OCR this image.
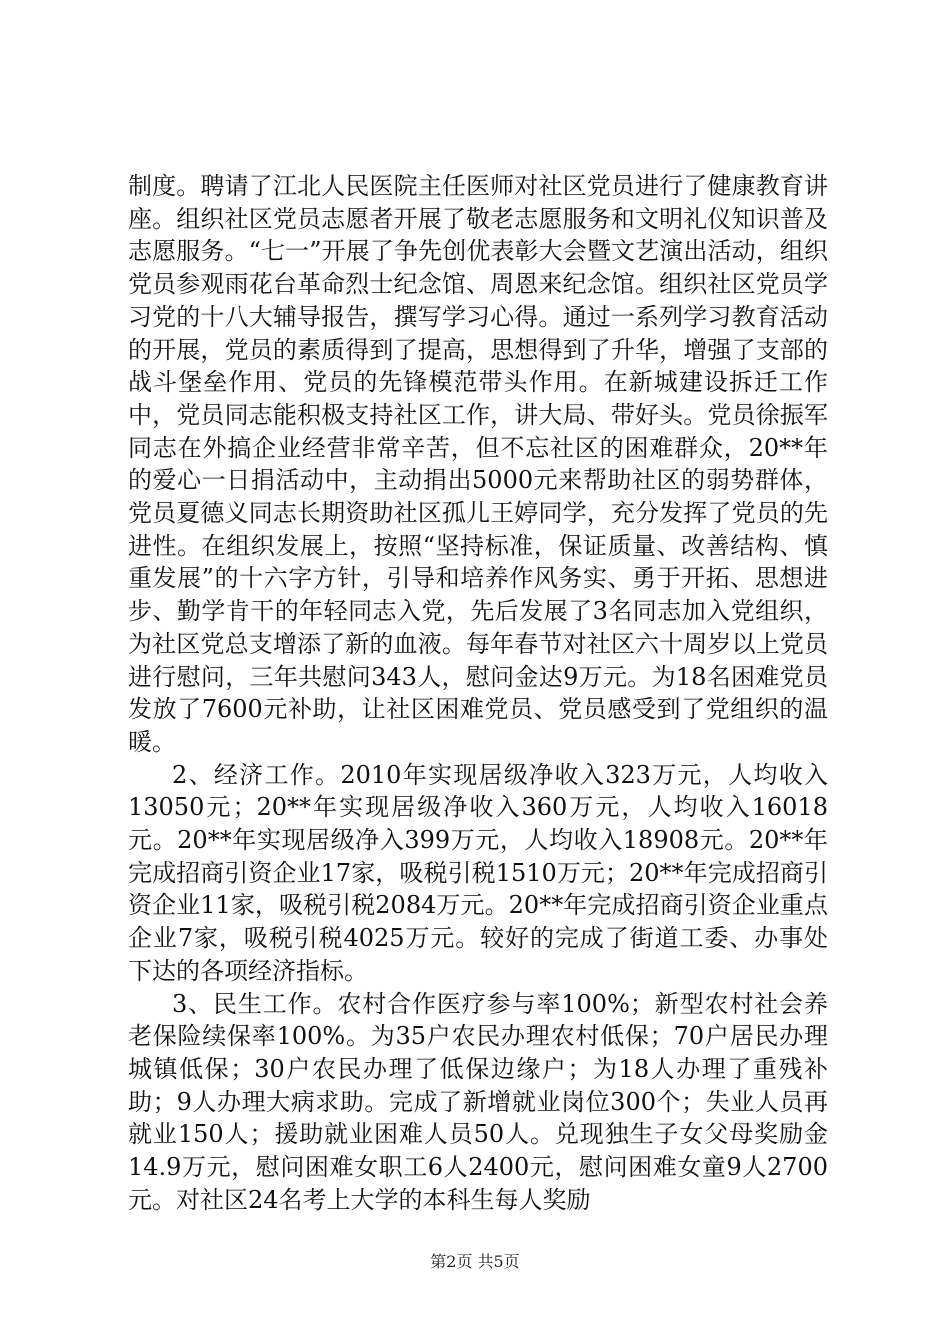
制度。聘请了江北人民医院主任医师对社区党员进行了健康教育讲座。组织社区党员志愿者开展了敬老志愿服务和文明礼仪知识普及志愿服务。“七一”开展了争先创优表彰大会暨文艺演出活动，组织党员参观雨花台革命烈士纪念馆、周恩来纪念馆。组织社区党员学习党的十八大辅导报告，撰写学习心得。通过一系列学习教育活动的开展，党员的素质得到了提高，思想得到了升华，增强了支部的战斗堡垒作用、党员的先锋模范带头作用。在新城建设拆迁工作中，党员同志能积极支持社区工作，讲大局、带好头。党员徐振军同志在外搞企业经营非常辛苦，但不忘社区的困难群众，20**年的爱心一日捐活动中，主动捐出5000元来帮助社区的弱势群体，党员夏德义同志长期资助社区孤儿王婷同学，充分发挥了党员的先进性。在组织发展上，按照“坚持标准，保证质量、改善结构、慎重发展”的十六字方针，引导和培养作风务实、勇于开拓、思想进步、勤学肯干的年轻同志入党，先后发展了3名同志加入党组织，为社区党总支增添了新的血液。每年春节对社区六十周岁以上党员进行慰问，三年共慰问343人，慰问金达9万元。为18名困难党员发放了7600元补助，让社区困难党员、党员感受到了党组织的温暖。

2、经济工作。2010年实现居级净收入323万元，人均收入13050元；20**年实现居级净收入360万元，人均收入16018元。20**年实现居级净入399万元，人均收入18908元。20**年完成招商引资企业17家，吸税引税1510万元；20**年完成招商引资企业11家，吸税引税2084万元。20**年完成招商引资企业重点企业7家，吸税引税4025万元。较好的完成了街道工委、办事处下达的各项经济指标。

3、民生工作。农村合作医疗参与率100%；新型农村社会养老保险续保率100%。为35户农民办理农村低保；70户居民办理城镇低保；30户农民办理了低保边缘户；为18人办理了重残补助；9人办理大病求助。完成了新增就业岗位300个；失业人员再就业150人；援助就业困难人员50人。兑现独生子女父母奖励金14.9万元，慰问困难女职工6人2400元，慰问困难女童9人2700元。对社区24名考上大学的本科生每人奖励

第2页 共5页
